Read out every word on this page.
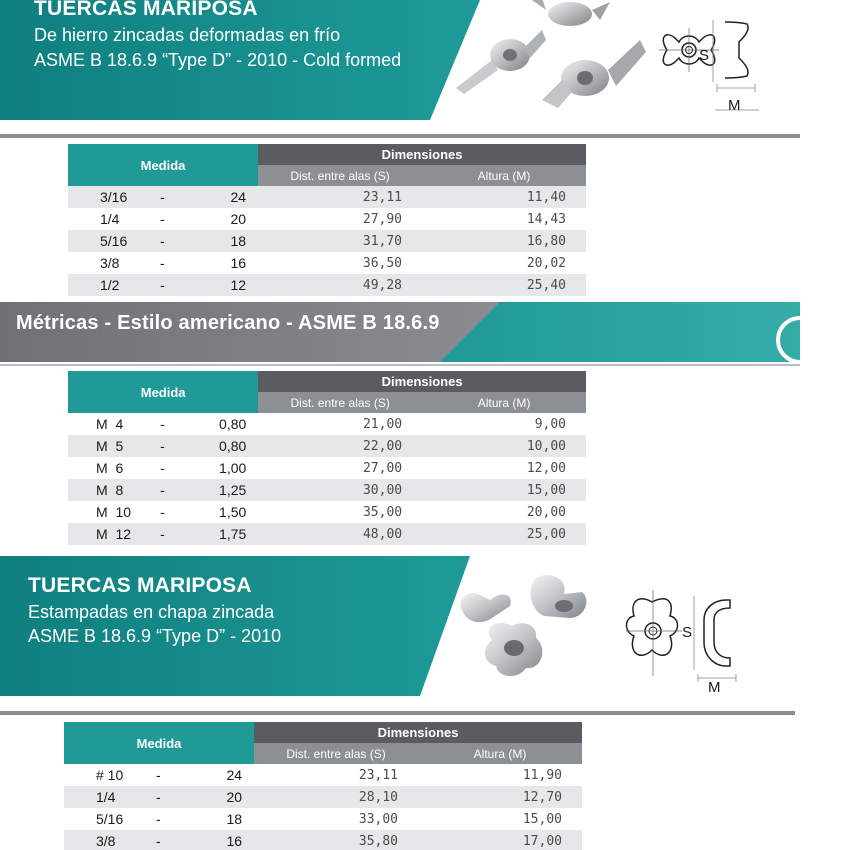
TUERCAS MARIPOSA
De hierro zincadas deformadas en frío
ASME B 18.6.9 “Type D” - 2010 - Cold formed	S
M
Medida			Dimensiones	
			Dist. entre alas (S)	Altura (M)
3/16	-	24	23,11	11,40
1/4	-	20	27,90	14,43
5/16	-	18	31,70	16,80
3/8	-	16	36,50	20,02
1/2	-	12	49,28	25,40
Métricas - Estilo americano - ASME B 18.6.9
Medida			Dimensiones	
			Dist. entre alas (S)	Altura (M)
M  4	-	0,80	21,00	9,00
M  5	-	0,80	22,00	10,00
M  6	-	1,00	27,00	12,00
M  8	-	1,25	30,00	15,00
M  10	-	1,50	35,00	20,00
M  12	-	1,75	48,00	25,00
TUERCAS MARIPOSA
Estampadas en chapa zincada
ASME B 18.6.9 “Type D” - 2010	S
M
Medida			Dimensiones	
			Dist. entre alas (S)	Altura (M)
# 10	-	24	23,11	11,90
1/4	-	20	28,10	12,70
5/16	-	18	33,00	15,00
3/8	-	16	35,80	17,00
